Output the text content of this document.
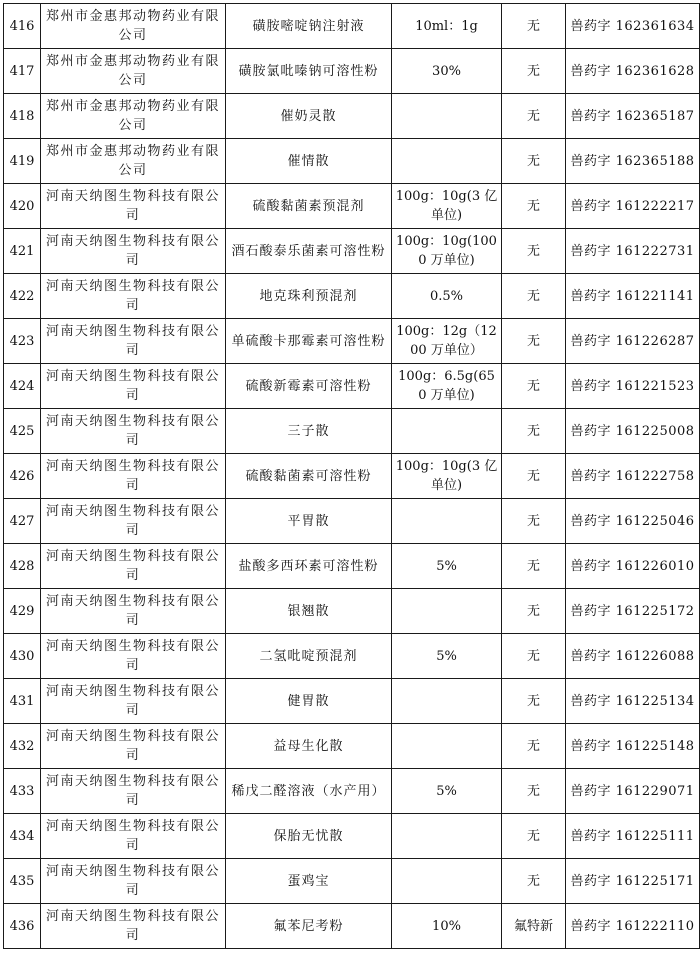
416	郑州市金惠邦动物药业有限公司	磺胺嘧啶钠注射液	10ml：1g	无	兽药字 162361634
417	郑州市金惠邦动物药业有限公司	磺胺氯吡嗪钠可溶性粉	30%	无	兽药字 162361628
418	郑州市金惠邦动物药业有限公司	催奶灵散		无	兽药字 162365187
419	郑州市金惠邦动物药业有限公司	催情散		无	兽药字 162365188
420	河南天纳图生物科技有限公司	硫酸黏菌素预混剂	100g：10g(3 亿单位)	无	兽药字 161222217
421	河南天纳图生物科技有限公司	酒石酸泰乐菌素可溶性粉	100g：10g(1000 万单位)	无	兽药字 161222731
422	河南天纳图生物科技有限公司	地克珠利预混剂	0.5%	无	兽药字 161221141
423	河南天纳图生物科技有限公司	单硫酸卡那霉素可溶性粉	100g：12g（1200 万单位）	无	兽药字 161226287
424	河南天纳图生物科技有限公司	硫酸新霉素可溶性粉	100g：6.5g(650 万单位)	无	兽药字 161221523
425	河南天纳图生物科技有限公司	三子散		无	兽药字 161225008
426	河南天纳图生物科技有限公司	硫酸黏菌素可溶性粉	100g：10g(3 亿单位)	无	兽药字 161222758
427	河南天纳图生物科技有限公司	平胃散		无	兽药字 161225046
428	河南天纳图生物科技有限公司	盐酸多西环素可溶性粉	5%	无	兽药字 161226010
429	河南天纳图生物科技有限公司	银翘散		无	兽药字 161225172
430	河南天纳图生物科技有限公司	二氢吡啶预混剂	5%	无	兽药字 161226088
431	河南天纳图生物科技有限公司	健胃散		无	兽药字 161225134
432	河南天纳图生物科技有限公司	益母生化散		无	兽药字 161225148
433	河南天纳图生物科技有限公司	稀戊二醛溶液（水产用）	5%	无	兽药字 161229071
434	河南天纳图生物科技有限公司	保胎无忧散		无	兽药字 161225111
435	河南天纳图生物科技有限公司	蛋鸡宝		无	兽药字 161225171
436	河南天纳图生物科技有限公司	氟苯尼考粉	10%	氟特新	兽药字 161222110
